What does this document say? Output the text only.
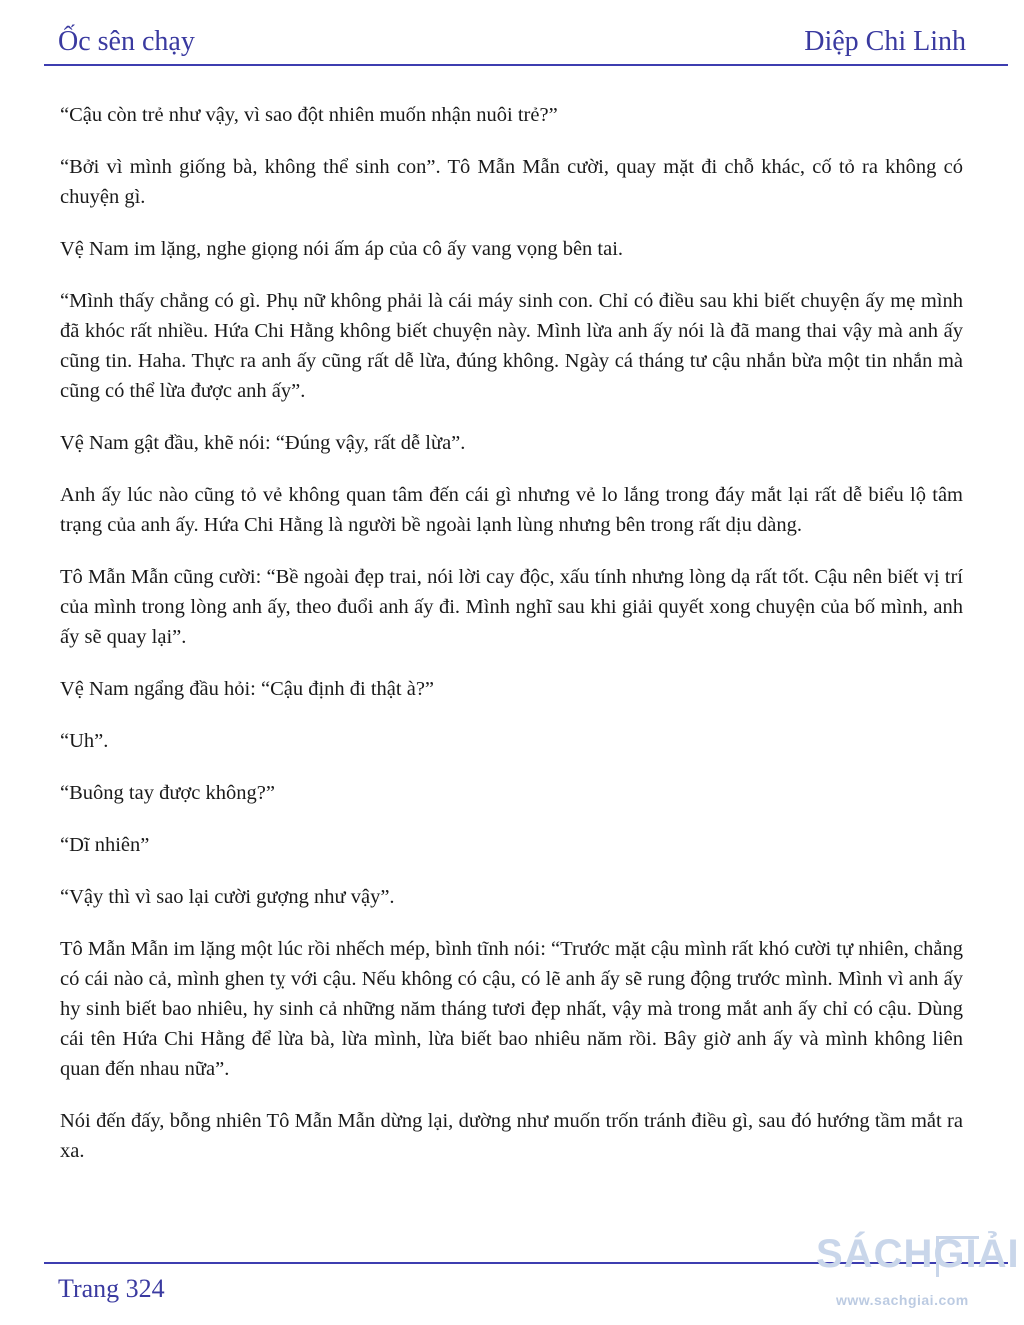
Ốc sên chạy	Diệp Chi Linh

“Cậu còn trẻ như vậy, vì sao đột nhiên muốn nhận nuôi trẻ?”

“Bởi vì mình giống bà, không thể sinh con”. Tô Mẫn Mẫn cười, quay mặt đi chỗ khác, cố tỏ ra không có chuyện gì.

Vệ Nam im lặng, nghe giọng nói ấm áp của cô ấy vang vọng bên tai.

“Mình thấy chẳng có gì. Phụ nữ không phải là cái máy sinh con. Chỉ có điều sau khi biết chuyện ấy mẹ mình đã khóc rất nhiều. Hứa Chi Hằng không biết chuyện này. Mình lừa anh ấy nói là đã mang thai vậy mà anh ấy cũng tin. Haha. Thực ra anh ấy cũng rất dễ lừa, đúng không. Ngày cá tháng tư cậu nhắn bừa một tin nhắn mà cũng có thể lừa được anh ấy”.

Vệ Nam gật đầu, khẽ nói: “Đúng vậy, rất dễ lừa”.

Anh ấy lúc nào cũng tỏ vẻ không quan tâm đến cái gì nhưng vẻ lo lắng trong đáy mắt lại rất dễ biểu lộ tâm trạng của anh ấy. Hứa Chi Hằng là người bề ngoài lạnh lùng nhưng bên trong rất dịu dàng.

Tô Mẫn Mẫn cũng cười: “Bề ngoài đẹp trai, nói lời cay độc, xấu tính nhưng lòng dạ rất tốt. Cậu nên biết vị trí của mình trong lòng anh ấy, theo đuổi anh ấy đi. Mình nghĩ sau khi giải quyết xong chuyện của bố mình, anh ấy sẽ quay lại”.

Vệ Nam ngẩng đầu hỏi: “Cậu định đi thật à?”

“Uh”.

“Buông tay được không?”

“Dĩ nhiên”

“Vậy thì vì sao lại cười gượng như vậy”.

Tô Mẫn Mẫn im lặng một lúc rồi nhếch mép, bình tĩnh nói: “Trước mặt cậu mình rất khó cười tự nhiên, chẳng có cái nào cả, mình ghen tỵ với cậu. Nếu không có cậu, có lẽ anh ấy sẽ rung động trước mình. Mình vì anh ấy hy sinh biết bao nhiêu, hy sinh cả những năm tháng tươi đẹp nhất, vậy mà trong mắt anh ấy chỉ có cậu. Dùng cái tên Hứa Chi Hằng để lừa bà, lừa mình, lừa biết bao nhiêu năm rồi. Bây giờ anh ấy và mình không liên quan đến nhau nữa”.

Nói đến đấy, bỗng nhiên Tô Mẫn Mẫn dừng lại, dường như muốn trốn tránh điều gì, sau đó hướng tầm mắt ra xa.

Trang 324
SÁCHGIẢI
www.sachgiai.com
